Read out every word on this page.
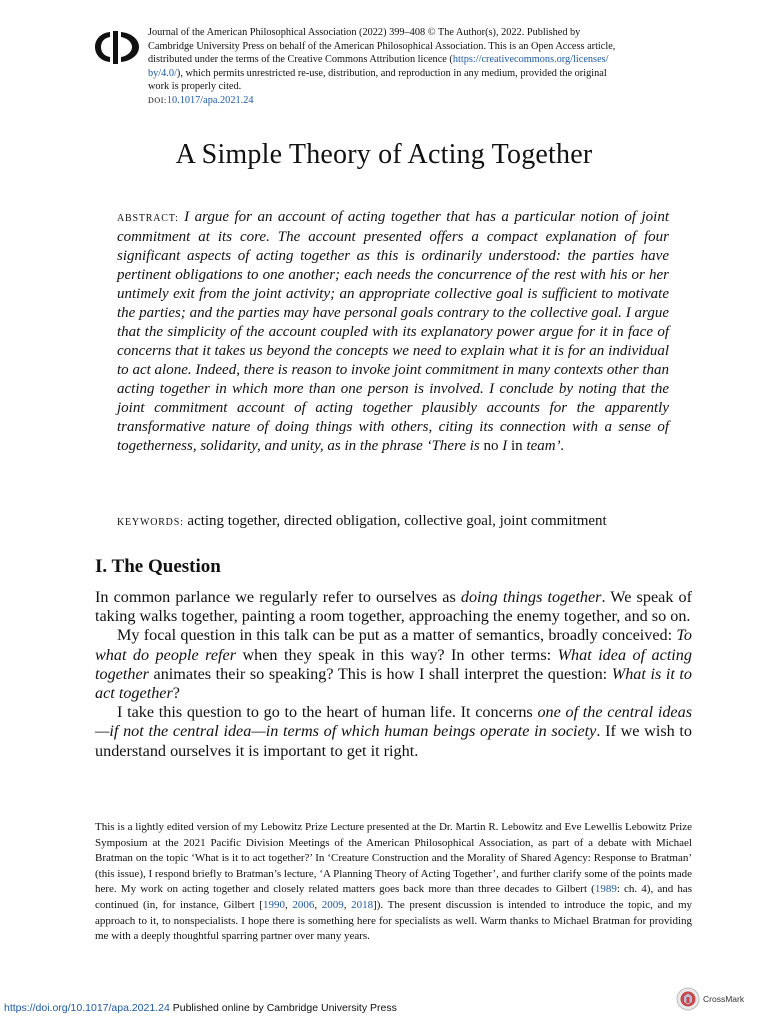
Journal of the American Philosophical Association (2022) 399–408 © The Author(s), 2022. Published by
Cambridge University Press on behalf of the American Philosophical Association. This is an Open Access article,
distributed under the terms of the Creative Commons Attribution licence (https://creativecommons.org/licenses/
by/4.0/), which permits unrestricted re-use, distribution, and reproduction in any medium, provided the original
work is properly cited.
DOI:10.1017/apa.2021.24
A Simple Theory of Acting Together
ABSTRACT: I argue for an account of acting together that has a particular notion of joint commitment at its core. The account presented offers a compact explanation of four significant aspects of acting together as this is ordinarily understood: the parties have pertinent obligations to one another; each needs the concurrence of the rest with his or her untimely exit from the joint activity; an appropriate collective goal is sufficient to motivate the parties; and the parties may have personal goals contrary to the collective goal. I argue that the simplicity of the account coupled with its explanatory power argue for it in face of concerns that it takes us beyond the concepts we need to explain what it is for an individual to act alone. Indeed, there is reason to invoke joint commitment in many contexts other than acting together in which more than one person is involved. I conclude by noting that the joint commitment account of acting together plausibly accounts for the apparently transformative nature of doing things with others, citing its connection with a sense of togetherness, solidarity, and unity, as in the phrase ‘There is no I in team’.
KEYWORDS: acting together, directed obligation, collective goal, joint commitment
I. The Question

In common parlance we regularly refer to ourselves as doing things together. We speak of taking walks together, painting a room together, approaching the enemy together, and so on.

My focal question in this talk can be put as a matter of semantics, broadly conceived: To what do people refer when they speak in this way? In other terms: What idea of acting together animates their so speaking? This is how I shall interpret the question: What is it to act together?

I take this question to go to the heart of human life. It concerns one of the central ideas—if not the central idea—in terms of which human beings operate in society. If we wish to understand ourselves it is important to get it right.

This is a lightly edited version of my Lebowitz Prize Lecture presented at the Dr. Martin R. Lebowitz and Eve Lewellis Lebowitz Prize Symposium at the 2021 Pacific Division Meetings of the American Philosophical Association, as part of a debate with Michael Bratman on the topic ‘What is it to act together?’ In ‘Creature Construction and the Morality of Shared Agency: Response to Bratman’ (this issue), I respond briefly to Bratman’s lecture, ‘A Planning Theory of Acting Together’, and further clarify some of the points made here. My work on acting together and closely related matters goes back more than three decades to Gilbert (1989: ch. 4), and has continued (in, for instance, Gilbert [1990, 2006, 2009, 2018]). The present discussion is intended to introduce the topic, and my approach to it, to nonspecialists. I hope there is something here for specialists as well. Warm thanks to Michael Bratman for providing me with a deeply thoughtful sparring partner over many years.
https://doi.org/10.1017/apa.2021.24 Published online by Cambridge University Press
CrossMark
